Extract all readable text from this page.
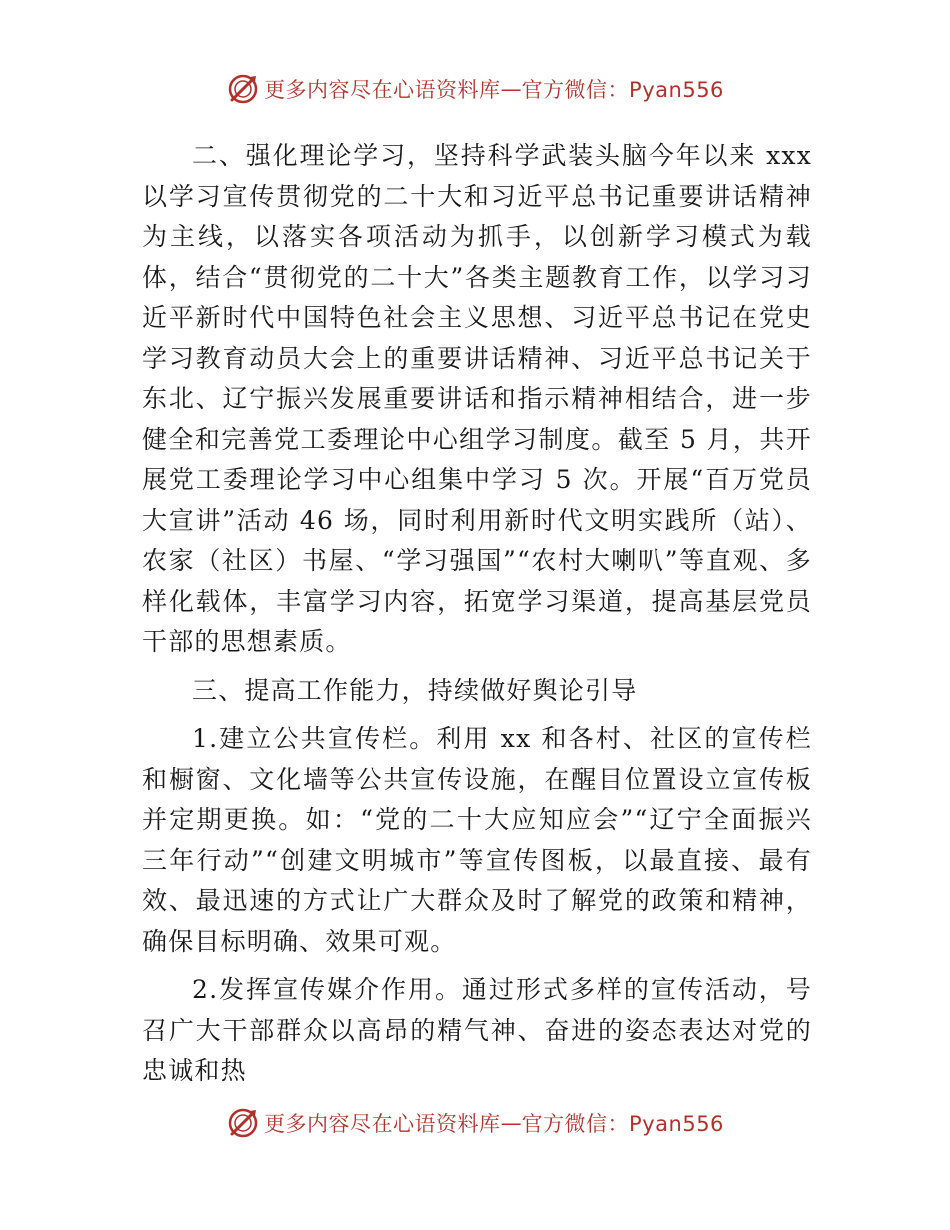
更多内容尽在心语资料库 — 官方微信：Pyan556

二、强化理论学习，坚持科学武装头脑今年以来 xxx 以学习宣传贯彻党的二十大和习近平总书记重要讲话精神为主线，以落实各项活动为抓手，以创新学习模式为载体，结合“贯彻党的二十大”各类主题教育工作，以学习习近平新时代中国特色社会主义思想、习近平总书记在党史学习教育动员大会上的重要讲话精神、习近平总书记关于东北、辽宁振兴发展重要讲话和指示精神相结合，进一步健全和完善党工委理论中心组学习制度。截至 5 月，共开展党工委理论学习中心组集中学习 5 次。开展“百万党员大宣讲”活动 46 场，同时利用新时代文明实践所（站）、农家（社区）书屋、“学习强国”“农村大喇叭”等直观、多样化载体，丰富学习内容，拓宽学习渠道，提高基层党员干部的思想素质。

三、提高工作能力，持续做好舆论引导

1.建立公共宣传栏。利用 xx 和各村、社区的宣传栏和橱窗、文化墙等公共宣传设施，在醒目位置设立宣传板并定期更换。如：“党的二十大应知应会”“辽宁全面振兴三年行动”“创建文明城市”等宣传图板，以最直接、最有效、最迅速的方式让广大群众及时了解党的政策和精神，确保目标明确、效果可观。

2.发挥宣传媒介作用。通过形式多样的宣传活动，号召广大干部群众以高昂的精气神、奋进的姿态表达对党的忠诚和热

更多内容尽在心语资料库 — 官方微信：Pyan556
